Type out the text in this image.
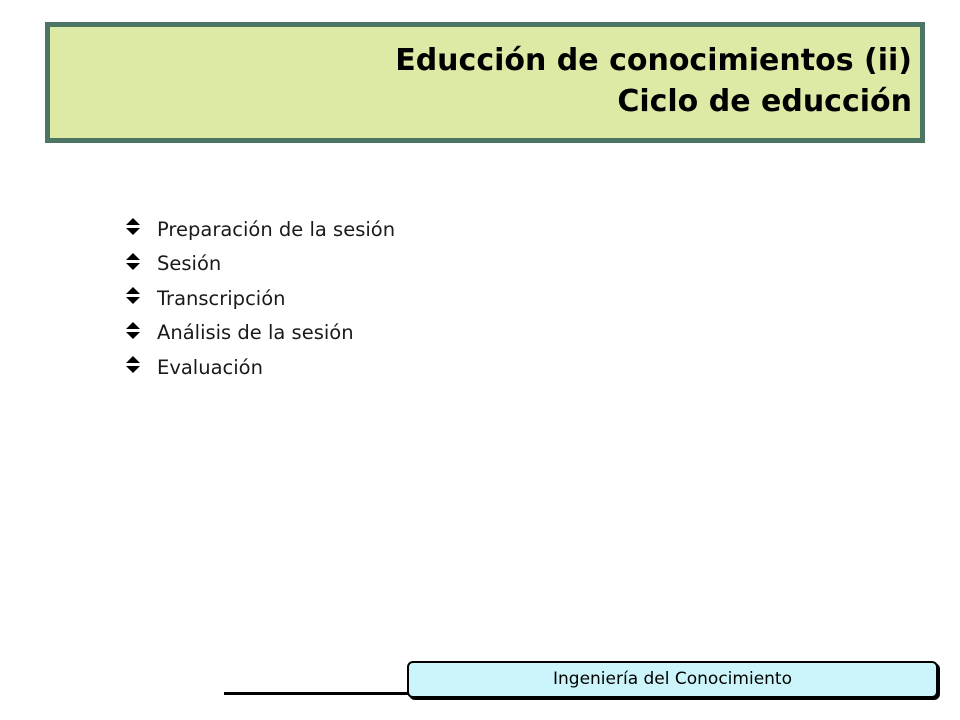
Educción de conocimientos (ii)
Ciclo de educción
Preparación de la sesión
Sesión
Transcripción
Análisis de la sesión
Evaluación
Ingeniería del Conocimiento
